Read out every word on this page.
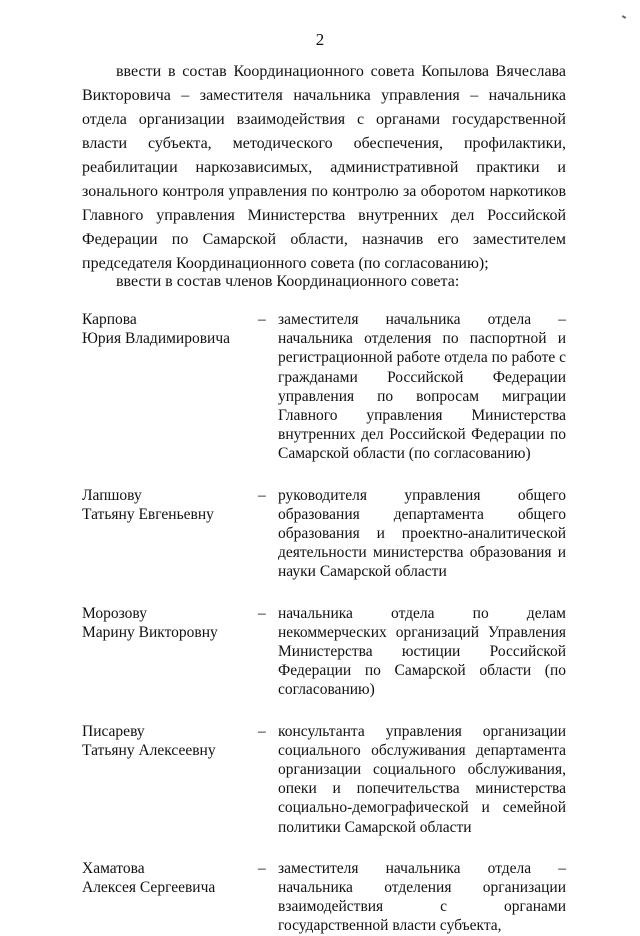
2

ввести в состав Координационного совета Копылова Вячеслава Викторовича – заместителя начальника управления – начальника отдела организации взаимодействия с органами государственной власти субъекта, методического обеспечения, профилактики, реабилитации наркозависимых, административной практики и зонального контроля управления по контролю за оборотом наркотиков Главного управления Министерства внутренних дел Российской Федерации по Самарской области, назначив его заместителем председателя Координационного совета (по согласованию);

ввести в состав членов Координационного совета:

Карпова
Юрия Владимировича
– заместителя начальника отдела – начальника отделения по паспортной и регистрационной работе отдела по работе с гражданами Российской Федерации управления по вопросам миграции Главного управления Министерства внутренних дел Российской Федерации по Самарской области (по согласованию)
Лапшову
Татьяну Евгеньевну
– руководителя управления общего образования департамента общего образования и проектно-аналитической деятельности министерства образования и науки Самарской области
Морозову
Марину Викторовну
– начальника отдела по делам некоммерческих организаций Управления Министерства юстиции Российской Федерации по Самарской области (по согласованию)
Писареву
Татьяну Алексеевну
– консультанта управления организации социального обслуживания департамента организации социального обслуживания, опеки и попечительства министерства социально-демографической и семейной политики Самарской области
Хаматова
Алексея Сергеевича
– заместителя начальника отдела – начальника отделения организации взаимодействия с органами государственной власти субъекта,
